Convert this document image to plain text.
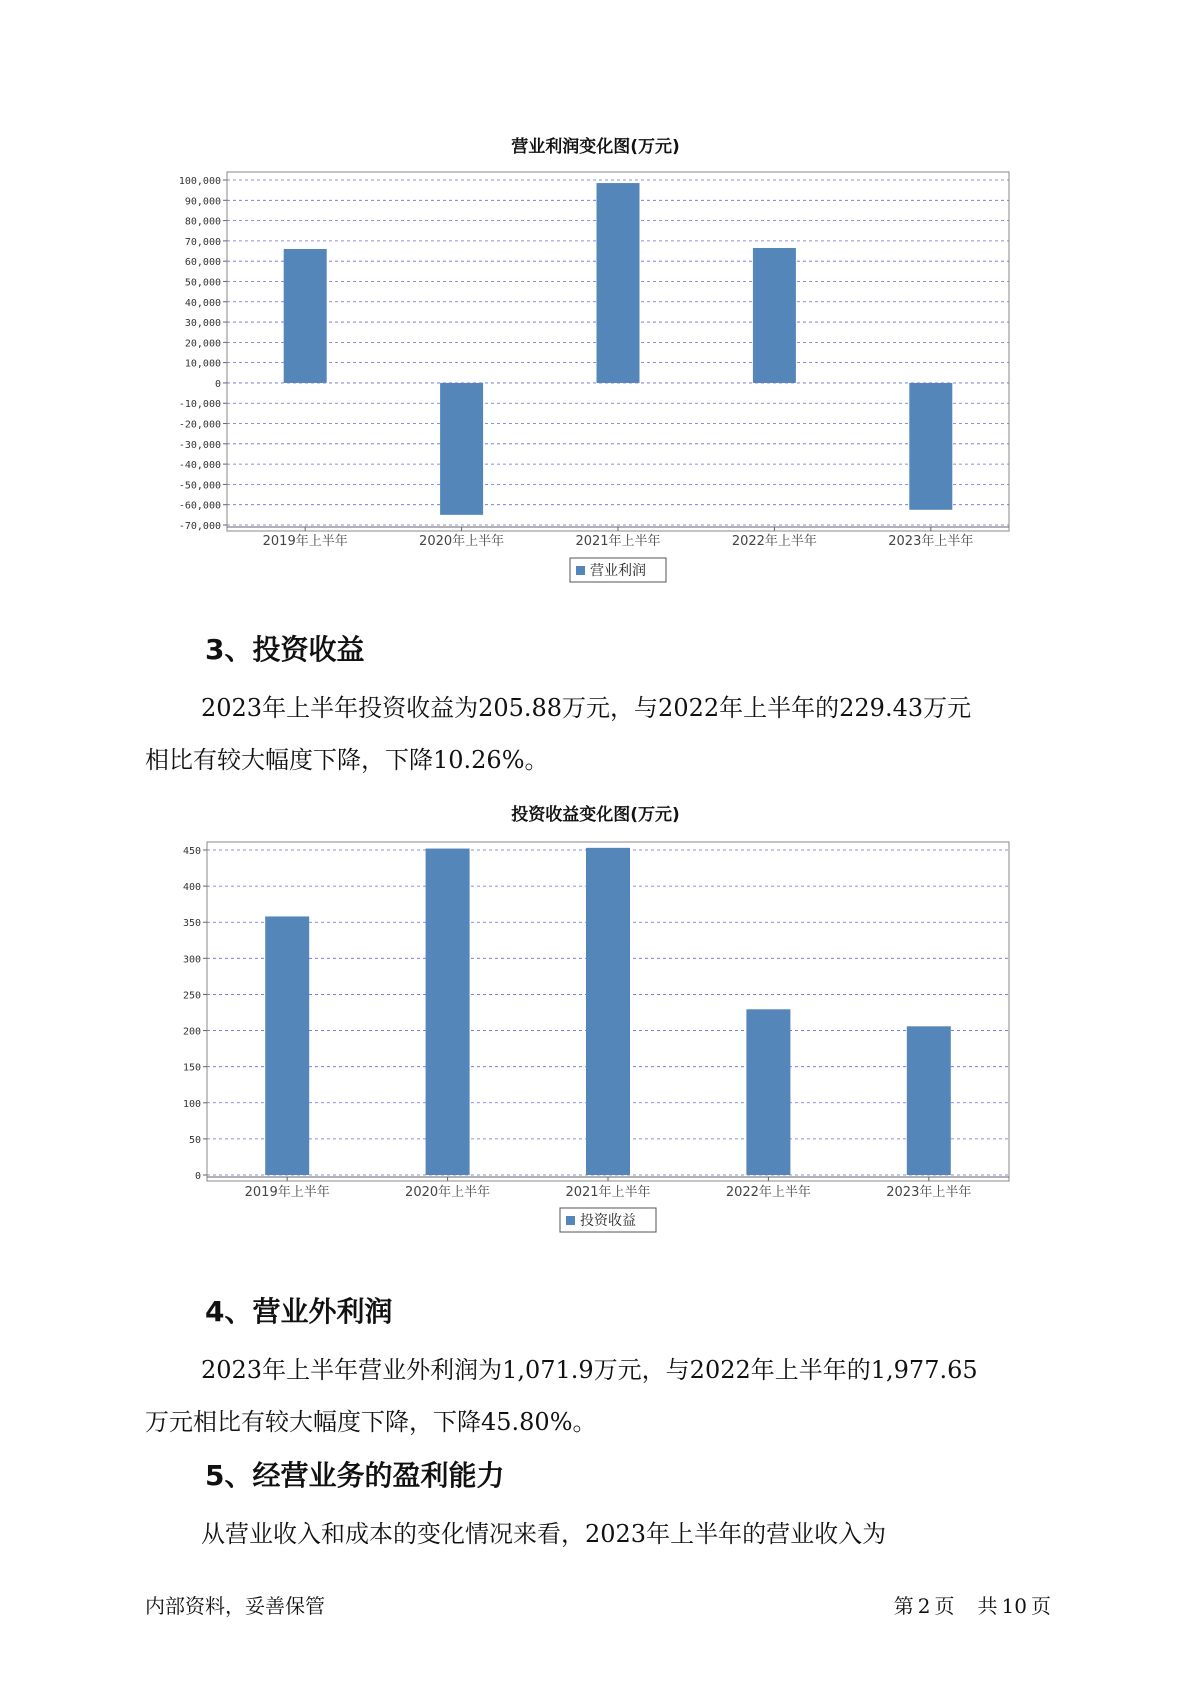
营业利润变化图(万元)
100,000
90,000
80,000
70,000
60,000
50,000
40,000
30,000
20,000
10,000
0
-10,000
-20,000
-30,000
-40,000
-50,000
-60,000
-70,000
2019年上半年	2020年上半年	2021年上半年	2022年上半年	2023年上半年
营业利润
3、投资收益

2023年上半年投资收益为205.88万元，与2022年上半年的229.43万元
相比有较大幅度下降，下降10.26%。

投资收益变化图(万元)
450
400
350
300
250
200
150
100
50
0
2019年上半年	2020年上半年	2021年上半年	2022年上半年	2023年上半年
投资收益
4、营业外利润

2023年上半年营业外利润为1,071.9万元，与2022年上半年的1,977.65
万元相比有较大幅度下降，下降45.80%。

5、经营业务的盈利能力

从营业收入和成本的变化情况来看，2023年上半年的营业收入为

内部资料，妥善保管	第 2 页 共 10 页
